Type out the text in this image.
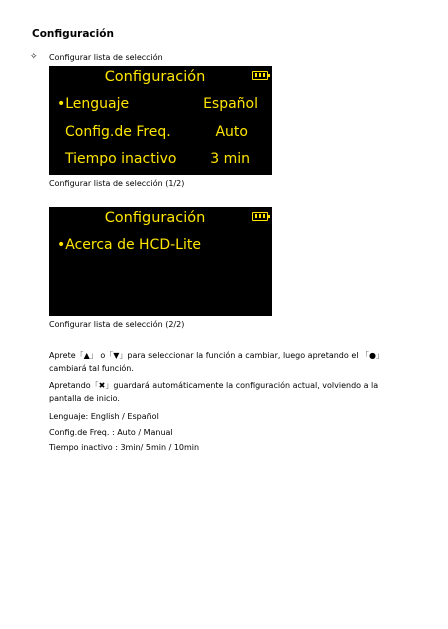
Configuración
✧	Configurar lista de selección
Configuración
•Lenguaje	Español
Config.de Freq.	Auto
Tiempo inactivo 3 min
Configurar lista de selección (1/2)
Configuración
•Acerca de HCD-Lite
Configurar lista de selección (2/2)
Aprete「▲」 o「▼」para seleccionar la función a cambiar, luego apretando el 「●」
cambiará tal función.
Apretando「✖」guardará automáticamente la configuración actual, volviendo a la
pantalla de inicio.
Lenguaje: English / Español
Config.de Freq. : Auto / Manual
Tiempo inactivo : 3min/ 5min / 10min
